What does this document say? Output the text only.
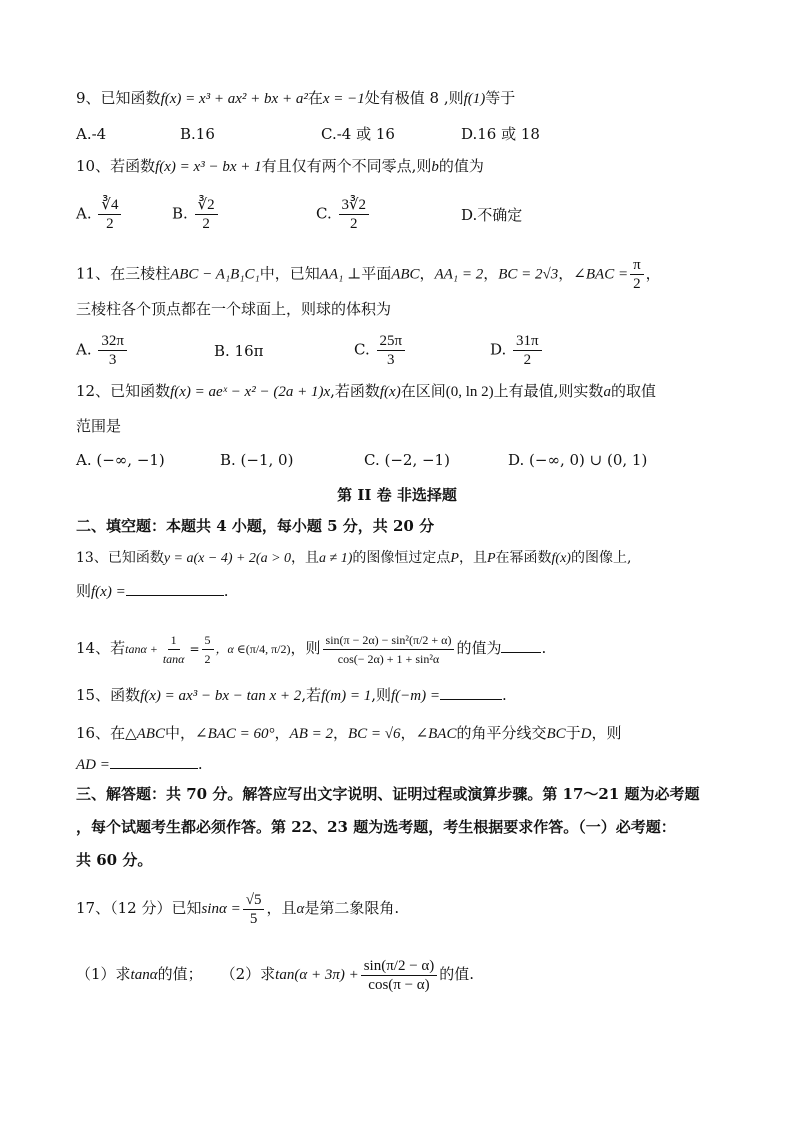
9、已知函数f(x) = x³ + ax² + bx + a²在x = −1处有极值 8 ,则f(1)等于
A.-4	B.16	C.-4 或 16	D.16 或 18
10、若函数f(x) = x³ − bx + 1有且仅有两个不同零点,则b的值为
A. $\frac{∛4}{2}$	B. $\frac{∛2}{2}$	C. $\frac{3∛2}{2}$	D.不确定
11、在三棱柱ABC − A₁B₁C₁中，已知AA₁ ⊥平面ABC，AA₁ = 2，BC = 2√3，∠BAC = $\frac{\pi}{2}$ ，
三棱柱各个顶点都在一个球面上，则球的体积为
A. $\frac{32\pi}{3}$	B. 16π	C. $\frac{25\pi}{3}$	D. $\frac{31\pi}{2}$
12、已知函数f(x) = aeˣ − x² − (2a + 1)x,若函数f(x)在区间(0, ln 2)上有最值,则实数a的取值
范围是
A. (−∞, −1)	B. (−1, 0)	C. (−2, −1)	D. (−∞, 0) ∪ (0, 1)
第 II 卷 非选择题
二、填空题：本题共 4 小题，每小题 5 分，共 20 分
13、已知函数y = a(x − 4) + 2(a > 0，且a ≠ 1)的图像恒过定点P，且P在幂函数f(x)的图像上,
则f(x) =	.
14、若$\tan\alpha + \frac{1}{\tan\alpha} = \frac{5}{2}$ ，α ∈(π/4, π/2)，则 $\frac{\text{sin(π − 2α) − sin²(π/2 + α)}}{\text{cos(− 2α) + 1 + sin²α}}$ 的值为	.
15、函数f(x) = ax³ − bx − tan x + 2,若f(m) = 1,则f(−m) =	.
16、在△ABC中，∠BAC = 60°，AB = 2，BC = √6，∠BAC的角平分线交BC于D，则
AD =	.
三、解答题：共 70 分。解答应写出文字说明、证明过程或演算步骤。第 17～21 题为必考题
，每个试题考生都必须作答。第 22、23 题为选考题，考生根据要求作答。（一）必考题：
共 60 分。
17、（12 分）已知$\sin\alpha = \frac{√5}{5}$ ，且α是第二象限角.
（1）求tanα的值； （2）求$\tan(\alpha + 3\pi) + \frac{\sin(\pi/2 - \alpha)}{\cos(\pi - \alpha)}$ 的值.
